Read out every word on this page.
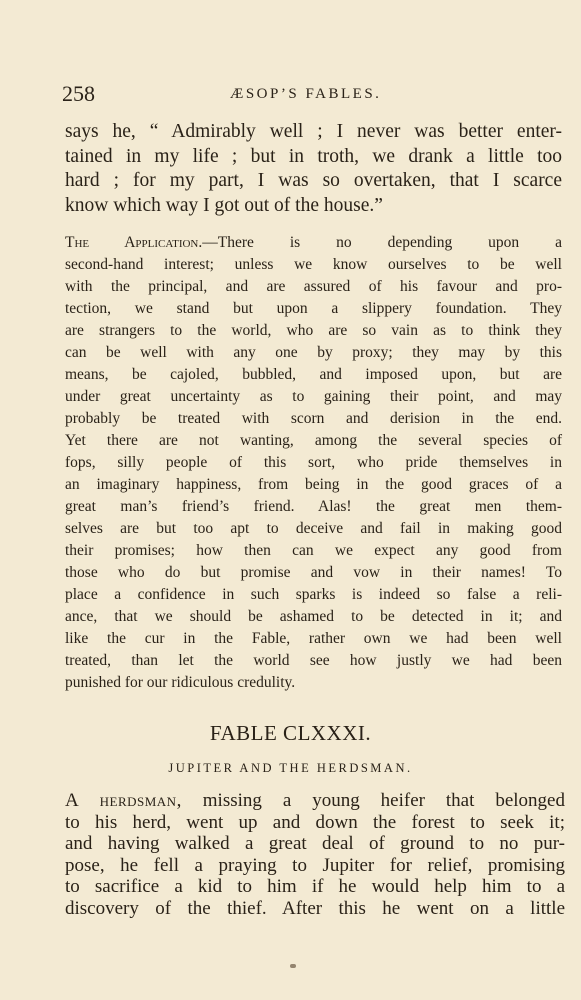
258	ÆSOP’S FABLES.
says he, “ Admirably well ; I never was better enter-
tained in my life ; but in troth, we drank a little too
hard ; for my part, I was so overtaken, that I scarce
know which way I got out of the house.”
The Application.—There is no depending upon a
second-hand interest; unless we know ourselves to be well
with the principal, and are assured of his favour and pro-
tection, we stand but upon a slippery foundation. They
are strangers to the world, who are so vain as to think they
can be well with any one by proxy; they may by this
means, be cajoled, bubbled, and imposed upon, but are
under great uncertainty as to gaining their point, and may
probably be treated with scorn and derision in the end.
Yet there are not wanting, among the several species of
fops, silly people of this sort, who pride themselves in
an imaginary happiness, from being in the good graces of a
great man’s friend’s friend. Alas! the great men them-
selves are but too apt to deceive and fail in making good
their promises; how then can we expect any good from
those who do but promise and vow in their names! To
place a confidence in such sparks is indeed so false a reli-
ance, that we should be ashamed to be detected in it; and
like the cur in the Fable, rather own we had been well
treated, than let the world see how justly we had been
punished for our ridiculous credulity.
FABLE CLXXXI.
JUPITER AND THE HERDSMAN.
A herdsman, missing a young heifer that belonged
to his herd, went up and down the forest to seek it;
and having walked a great deal of ground to no pur-
pose, he fell a praying to Jupiter for relief, promising
to sacrifice a kid to him if he would help him to a
discovery of the thief. After this he went on a little
